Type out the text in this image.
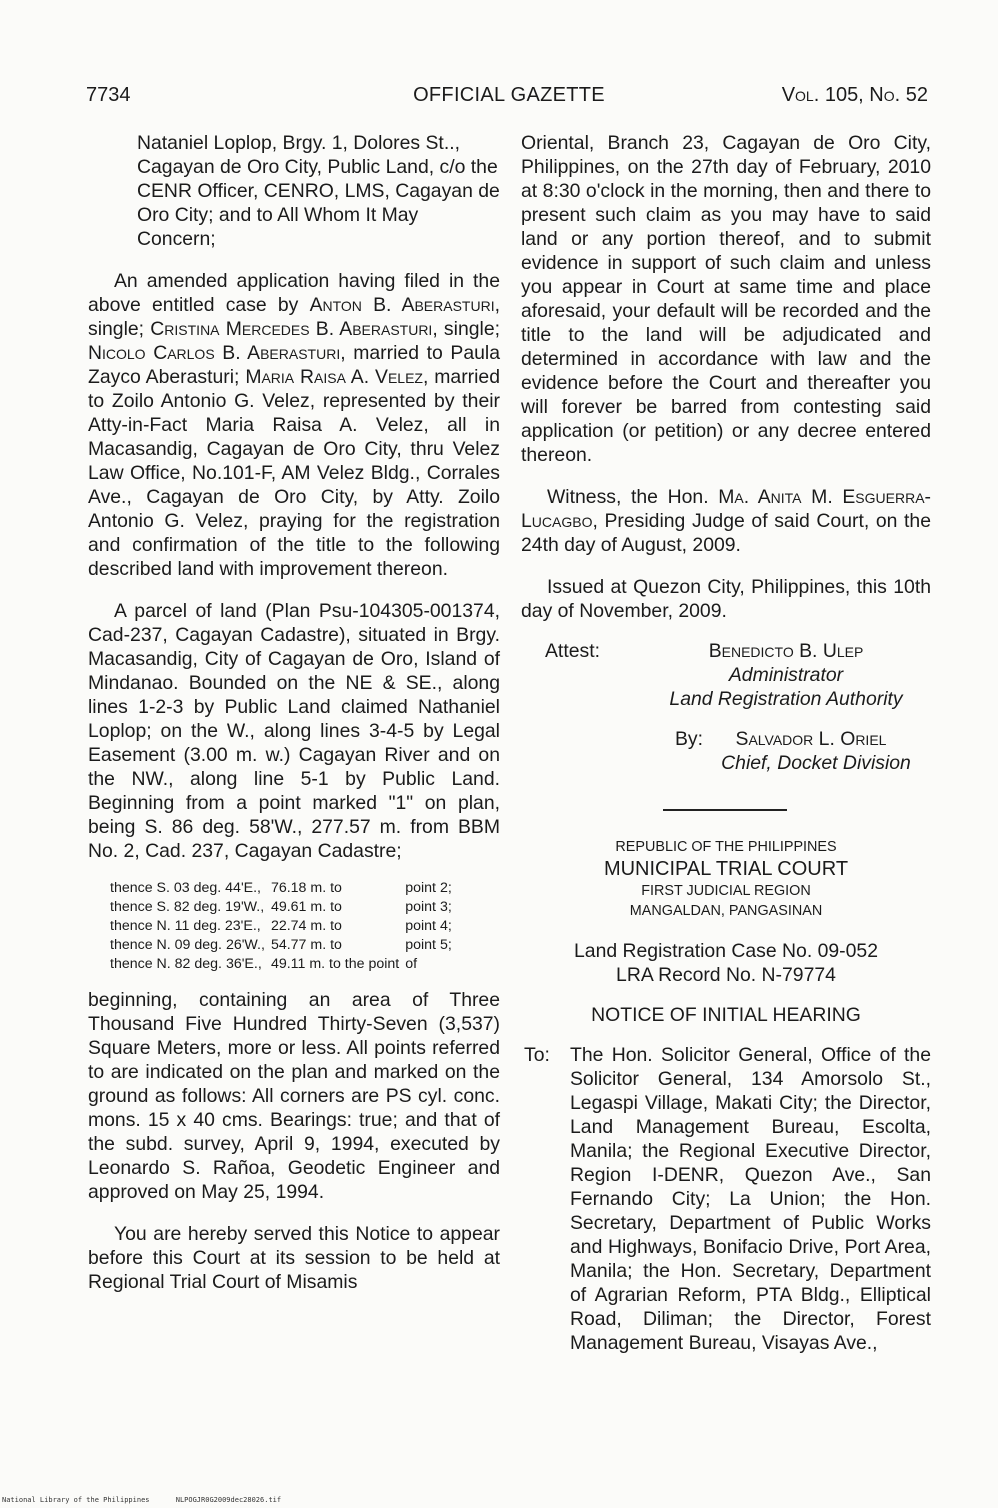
7734	OFFICIAL GAZETTE	Vol. 105, No. 52

Nataniel Loplop, Brgy. 1, Dolores St.., Cagayan de Oro City, Public Land, c/o the CENR Officer, CENRO, LMS, Cagayan de Oro City; and to All Whom It May Concern;

An amended application having filed in the above entitled case by Anton B. Aberasturi, single; Cristina Mercedes B. Aberasturi, single; Nicolo Carlos B. Aberasturi, married to Paula Zayco Aberasturi; Maria Raisa A. Velez, married to Zoilo Antonio G. Velez, represented by their Atty-in-Fact Maria Raisa A. Velez, all in Macasandig, Cagayan de Oro City, thru Velez Law Office, No.101-F, AM Velez Bldg., Corrales Ave., Cagayan de Oro City, by Atty. Zoilo Antonio G. Velez, praying for the registration and confirmation of the title to the following described land with improvement thereon.

A parcel of land (Plan Psu-104305-001374, Cad-237, Cagayan Cadastre), situated in Brgy. Macasandig, City of Cagayan de Oro, Island of Mindanao. Bounded on the NE & SE., along lines 1-2-3 by Public Land claimed Nathaniel Loplop; on the W., along lines 3-4-5 by Legal Easement (3.00 m. w.) Cagayan River and on the NW., along line 5-1 by Public Land. Beginning from a point marked "1" on plan, being S. 86 deg. 58'W., 277.57 m. from BBM No. 2, Cad. 237, Cagayan Cadastre;

thence S. 03 deg. 44'E.,	76.18 m. to	point 2;
thence S. 82 deg. 19'W.,	49.61 m. to	point 3;
thence N. 11 deg. 23'E.,	22.74 m. to	point 4;
thence N. 09 deg. 26'W.,	54.77 m. to	point 5;
thence N. 82 deg. 36'E.,	49.11 m. to the point	of

beginning, containing an area of Three Thousand Five Hundred Thirty-Seven (3,537) Square Meters, more or less. All points referred to are indicated on the plan and marked on the ground as follows: All corners are PS cyl. conc. mons. 15 x 40 cms. Bearings: true; and that of the subd. survey, April 9, 1994, executed by Leonardo S. Rañoa, Geodetic Engineer and approved on May 25, 1994.

You are hereby served this Notice to appear before this Court at its session to be held at Regional Trial Court of Misamis

Oriental, Branch 23, Cagayan de Oro City, Philippines, on the 27th day of February, 2010 at 8:30 o'clock in the morning, then and there to present such claim as you may have to said land or any portion thereof, and to submit evidence in support of such claim and unless you appear in Court at same time and place aforesaid, your default will be recorded and the title to the land will be adjudicated and determined in accordance with law and the evidence before the Court and thereafter you will forever be barred from contesting said application (or petition) or any decree entered thereon.

Witness, the Hon. Ma. Anita M. Esguerra-Lucagbo, Presiding Judge of said Court, on the 24th day of August, 2009.

Issued at Quezon City, Philippines, this 10th day of November, 2009.

Attest:	Benedicto B. Ulep
Administrator
Land Registration Authority
By:	Salvador L. Oriel
Chief, Docket Division
REPUBLIC OF THE PHILIPPINES
MUNICIPAL TRIAL COURT
FIRST JUDICIAL REGION
MANGALDAN, PANGASINAN
Land Registration Case No. 09-052
LRA Record No. N-79774
NOTICE OF INITIAL HEARING
To: The Hon. Solicitor General, Office of the Solicitor General, 134 Amorsolo St., Legaspi Village, Makati City; the Director, Land Management Bureau, Escolta, Manila; the Regional Executive Director, Region I-DENR, Quezon Ave., San Fernando City; La Union; the Hon. Secretary, Department of Public Works and Highways, Bonifacio Drive, Port Area, Manila; the Hon. Secretary, Department of Agrarian Reform, PTA Bldg., Elliptical Road, Diliman; the Director, Forest Management Bureau, Visayas Ave.,

National Library of the Philippines	NLPOGJR0G2009dec28026.tif
